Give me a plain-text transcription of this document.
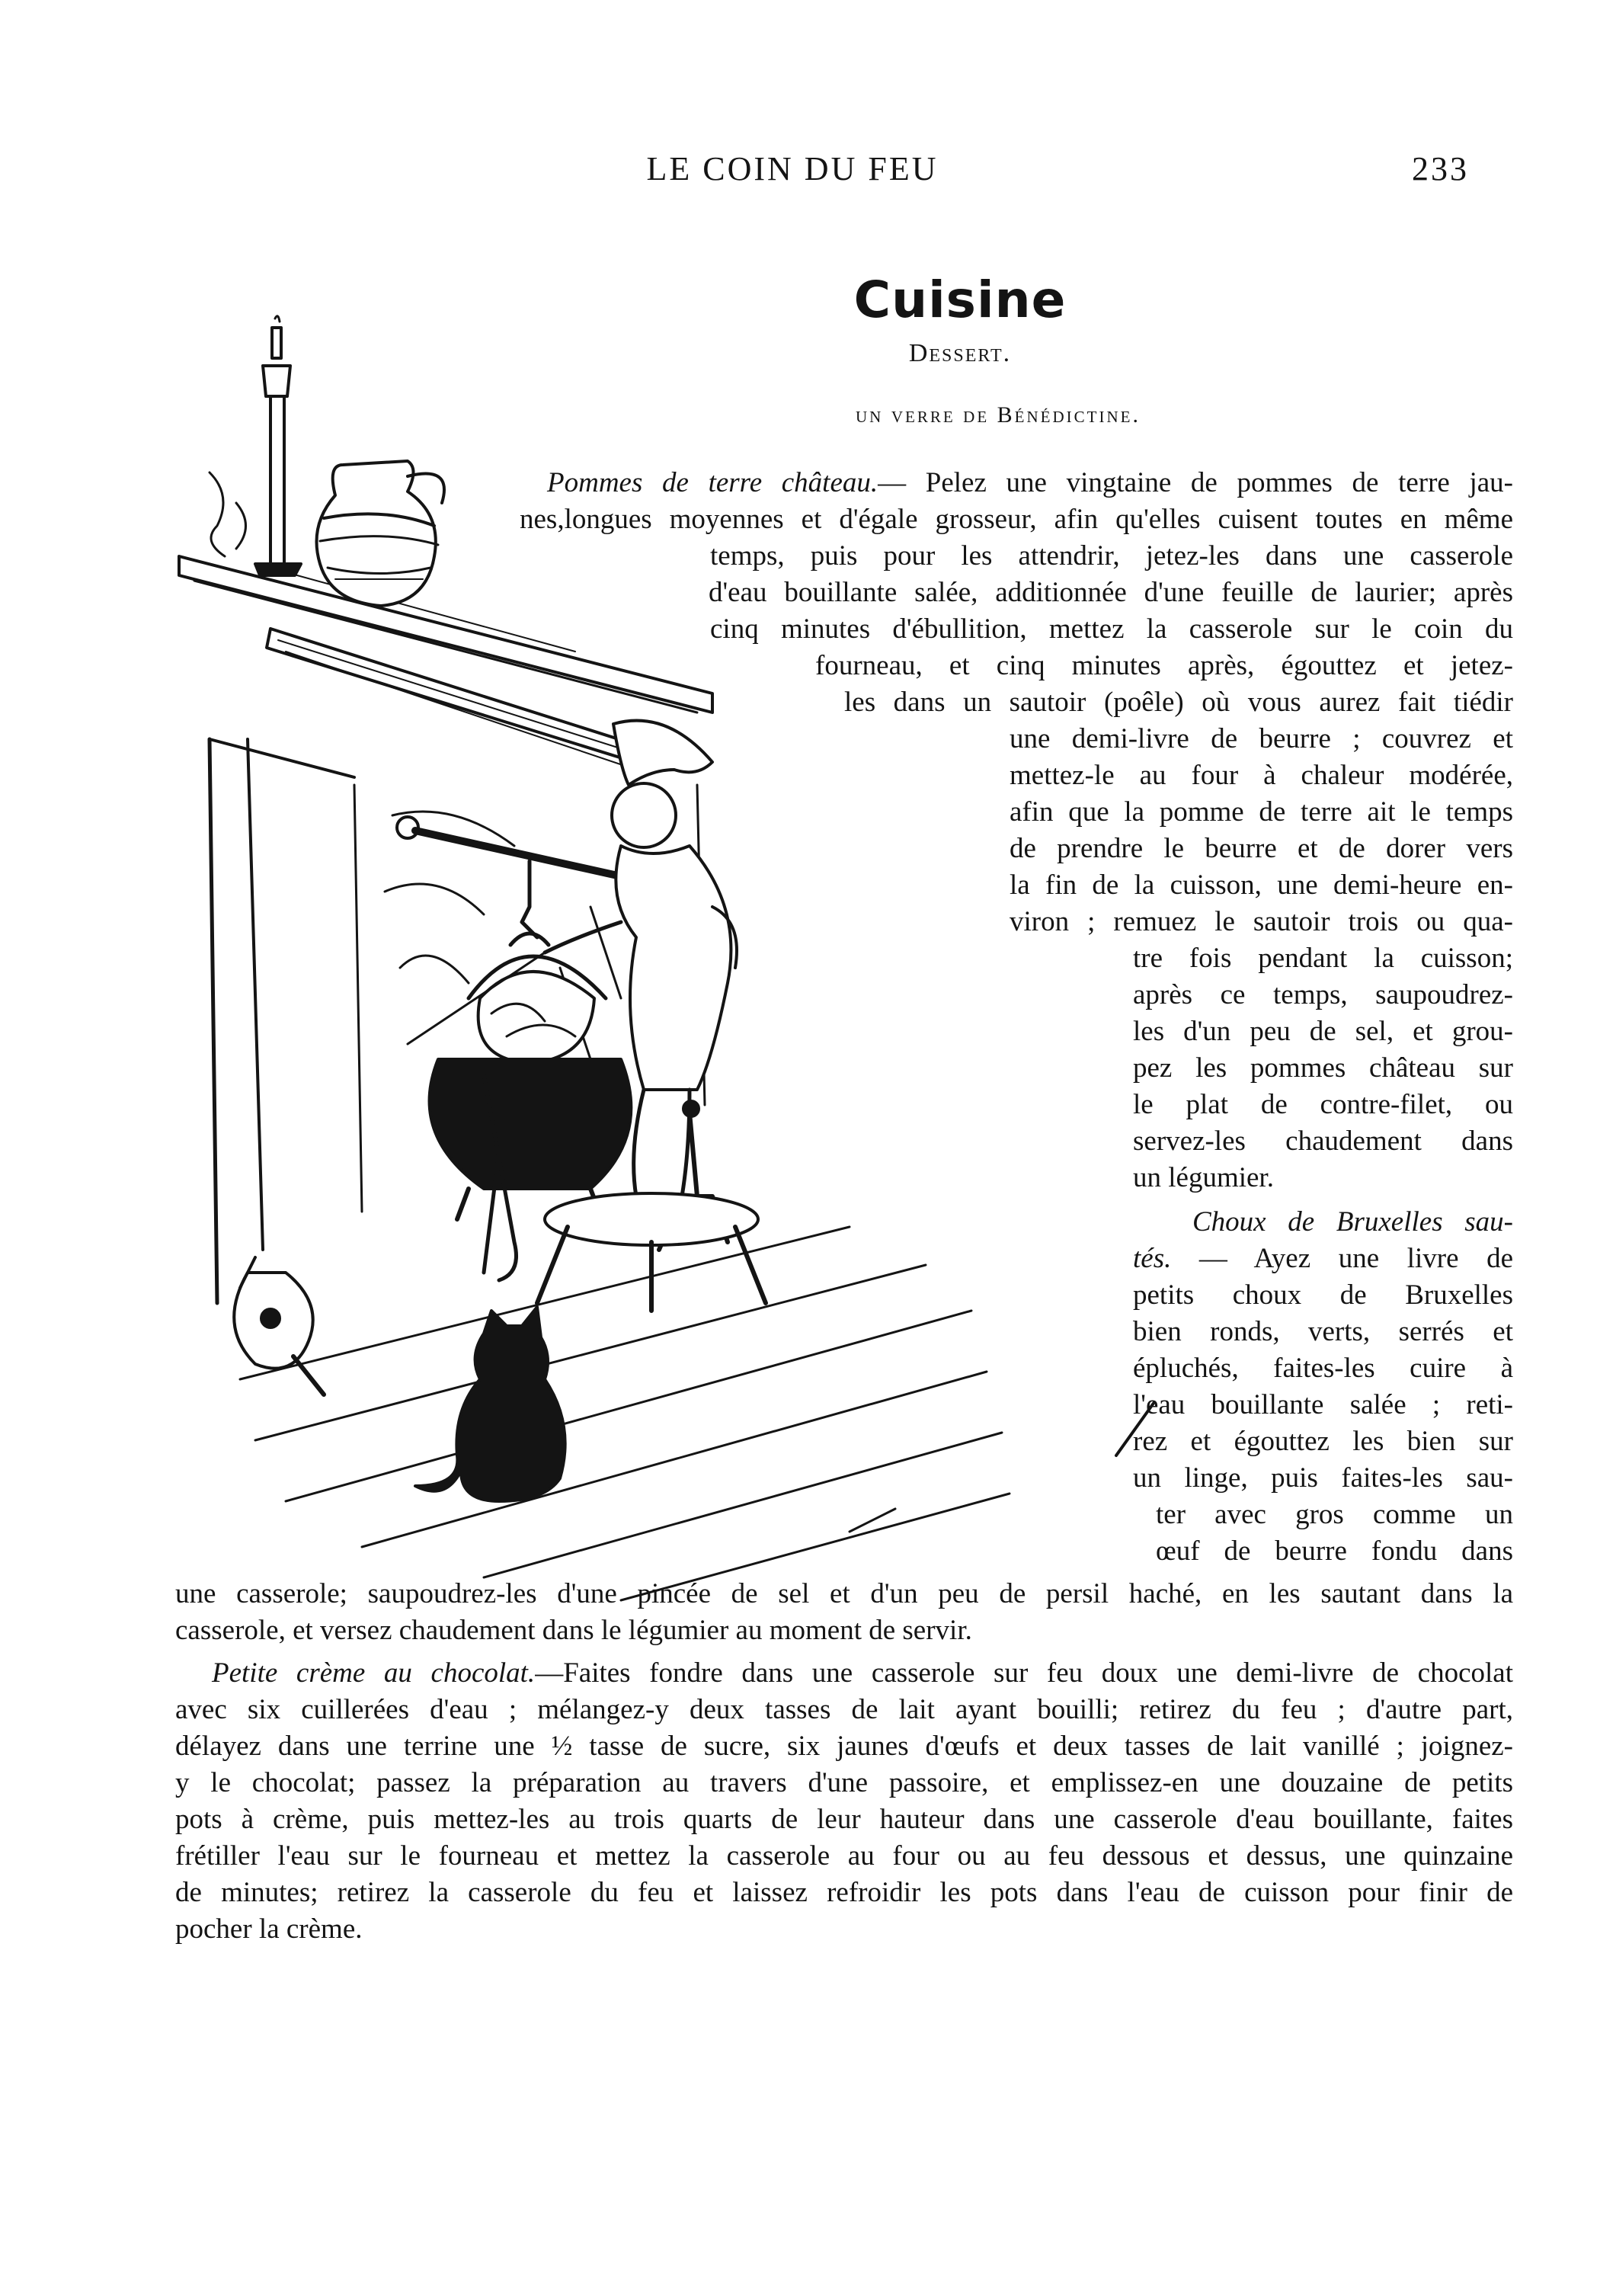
LE COIN DU FEU	233
Cuisine
Dessert.
un verre de Bénédictine.
Pommes de terre château.— Pelez une vingtaine de pommes de terre jau-
nes,longues moyennes et d'égale grosseur, afin qu'elles cuisent toutes en même
temps, puis pour les attendrir, jetez-les dans une casserole
d'eau bouillante salée, additionnée d'une feuille de laurier; après
cinq minutes d'ébullition, mettez la casserole sur le coin du
fourneau, et cinq minutes après, égouttez et jetez-
les dans un sautoir (poêle) où vous aurez fait tiédir
une demi-livre de beurre ; couvrez et
mettez-le au four à chaleur modérée,
afin que la pomme de terre ait le temps
de prendre le beurre et de dorer vers
la fin de la cuisson, une demi-heure en-
viron ; remuez le sautoir trois ou qua-
tre fois pendant la cuisson;
après ce temps, saupoudrez-
les d'un peu de sel, et grou-
pez les pommes château sur
le plat de contre-filet, ou
servez-les chaudement dans
un légumier.
Choux de Bruxelles sau-
tés. — Ayez une livre de
petits choux de Bruxelles
bien ronds, verts, serrés et
épluchés, faites-les cuire à
l'eau bouillante salée ; reti-
rez et égouttez les bien sur
un linge, puis faites-les sau-
ter avec gros comme un
œuf de beurre fondu dans
une casserole; saupoudrez-les d'une pincée de sel et d'un peu de persil haché, en les sautant dans la
casserole, et versez chaudement dans le légumier au moment de servir.
Petite crème au chocolat.—Faites fondre dans une casserole sur feu doux une demi-livre de chocolat
avec six cuillerées d'eau ; mélangez-y deux tasses de lait ayant bouilli; retirez du feu ; d'autre part,
délayez dans une terrine une ½ tasse de sucre, six jaunes d'œufs et deux tasses de lait vanillé ; joignez-
y le chocolat; passez la préparation au travers d'une passoire, et emplissez-en une douzaine de petits
pots à crème, puis mettez-les au trois quarts de leur hauteur dans une casserole d'eau bouillante, faites
frétiller l'eau sur le fourneau et mettez la casserole au four ou au feu dessous et dessus, une quinzaine
de minutes; retirez la casserole du feu et laissez refroidir les pots dans l'eau de cuisson pour finir de
pocher la crème.
